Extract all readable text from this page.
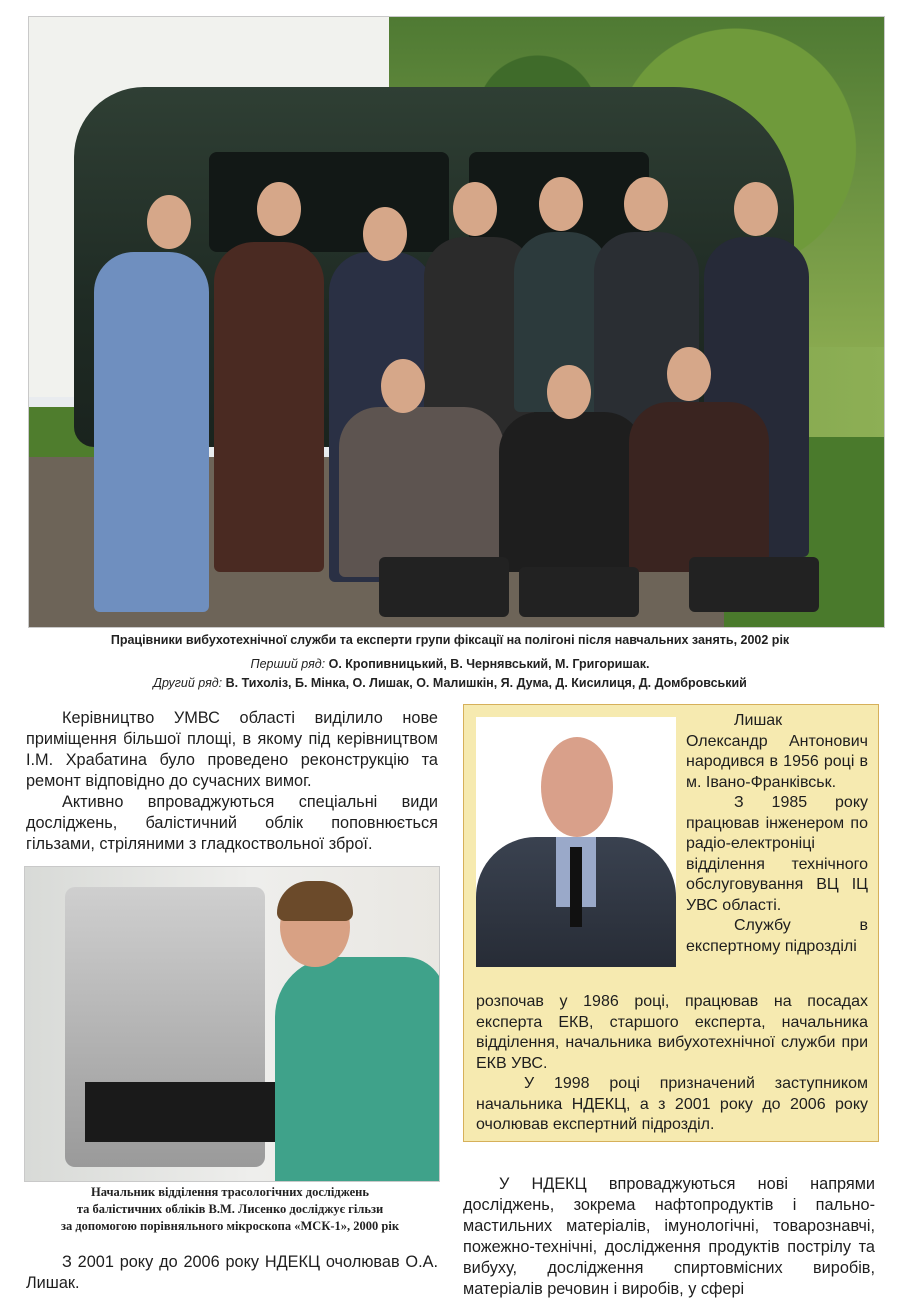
Працівники вибухотехнічної служби та експерти групи фіксації на полігоні після навчальних занять, 2002 рік
Перший ряд: О. Кропивницький, В. Чернявський, М. Григоришак.
Другий ряд: В. Тихоліз, Б. Мінка, О. Лишак, О. Малишкін, Я. Дума, Д. Кисилиця, Д. Домбровський

Керівництво УМВС області виділило нове приміщення більшої площі, в якому під керівництвом І.М. Храбатина було проведено реконструкцію та ремонт відповідно до сучасних вимог.

Активно впроваджуються спеціальні види досліджень, балістичний облік поповнюється гільзами, стріляними з гладкоствольної зброї.

Начальник відділення трасологічних досліджень
та балістичних обліків В.М. Лисенко досліджує гільзи
за допомогою порівняльного мікроскопа «МСК-1», 2000 рік

З 2001 року до 2006 року НДЕКЦ очолював О.А. Лишак.

Лишак Олександр Антонович народився в 1956 році в м. Івано-Франківськ.

З 1985 року працював інженером по радіо-електроніці відділення технічного обслуговування ВЦ ІЦ УВС області.

Службу в експертному підрозділі

розпочав у 1986 році, працював на посадах експерта ЕКВ, старшого експерта, начальника відділення, начальника вибухотехнічної служби при ЕКВ УВС.

У 1998 році призначений заступником начальника НДЕКЦ, а з 2001 року до 2006 року очолював експертний підрозділ.

У НДЕКЦ впроваджуються нові напрями досліджень, зокрема нафтопродуктів і пально-мастильних матеріалів, імунологічні, товарознавчі, пожежно-технічні, дослідження продуктів пострілу та вибуху, дослідження спиртовмісних виробів, матеріалів речовин і виробів, у сфері
